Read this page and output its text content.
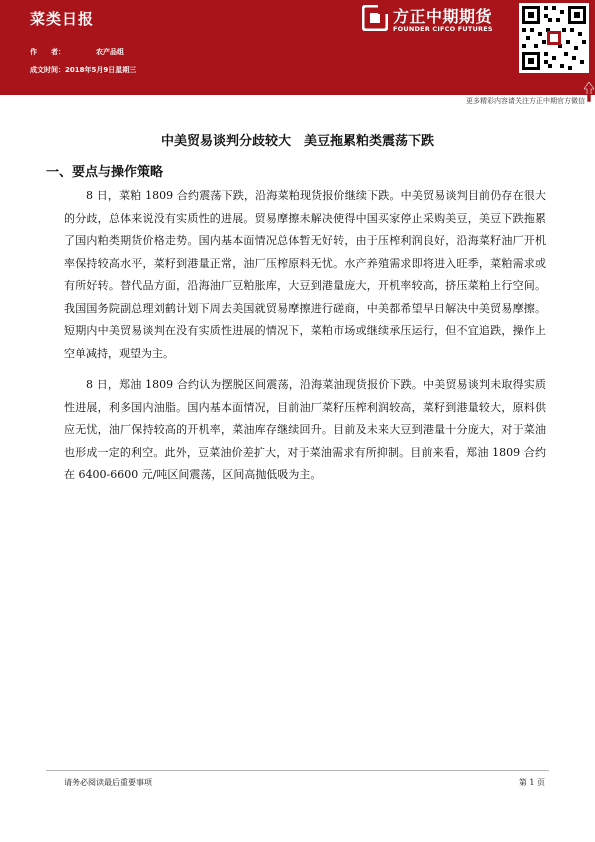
菜类日报
作　　者：	农产品组
成文时间：2018年5月9日星期三
方正中期期货
FOUNDER CIFCO FUTURES
更多精彩内容请关注方正中期官方微信
中美贸易谈判分歧较大　美豆拖累粕类震荡下跌
一、要点与操作策略

8 日，菜粕 1809 合约震荡下跌，沿海菜粕现货报价继续下跌。中美贸易谈判目前仍存在很大的分歧，总体来说没有实质性的进展。贸易摩擦未解决使得中国买家停止采购美豆，美豆下跌拖累了国内粕类期货价格走势。国内基本面情况总体暂无好转，由于压榨利润良好，沿海菜籽油厂开机率保持较高水平，菜籽到港量正常，油厂压榨原料无忧。水产养殖需求即将进入旺季，菜粕需求或有所好转。替代品方面，沿海油厂豆粕胀库，大豆到港量庞大，开机率较高，挤压菜粕上行空间。我国国务院副总理刘鹤计划下周去美国就贸易摩擦进行磋商，中美都希望早日解决中美贸易摩擦。短期内中美贸易谈判在没有实质性进展的情况下，菜粕市场或继续承压运行，但不宜追跌，操作上空单减持，观望为主。

8 日，郑油 1809 合约认为摆脱区间震荡，沿海菜油现货报价下跌。中美贸易谈判未取得实质性进展，利多国内油脂。国内基本面情况，目前油厂菜籽压榨利润较高，菜籽到港量较大，原料供应无忧，油厂保持较高的开机率，菜油库存继续回升。目前及未来大豆到港量十分庞大，对于菜油也形成一定的利空。此外，豆菜油价差扩大，对于菜油需求有所抑制。目前来看，郑油 1809 合约在 6400-6600 元/吨区间震荡，区间高抛低吸为主。

请务必阅读最后重要事项	第 1 页
